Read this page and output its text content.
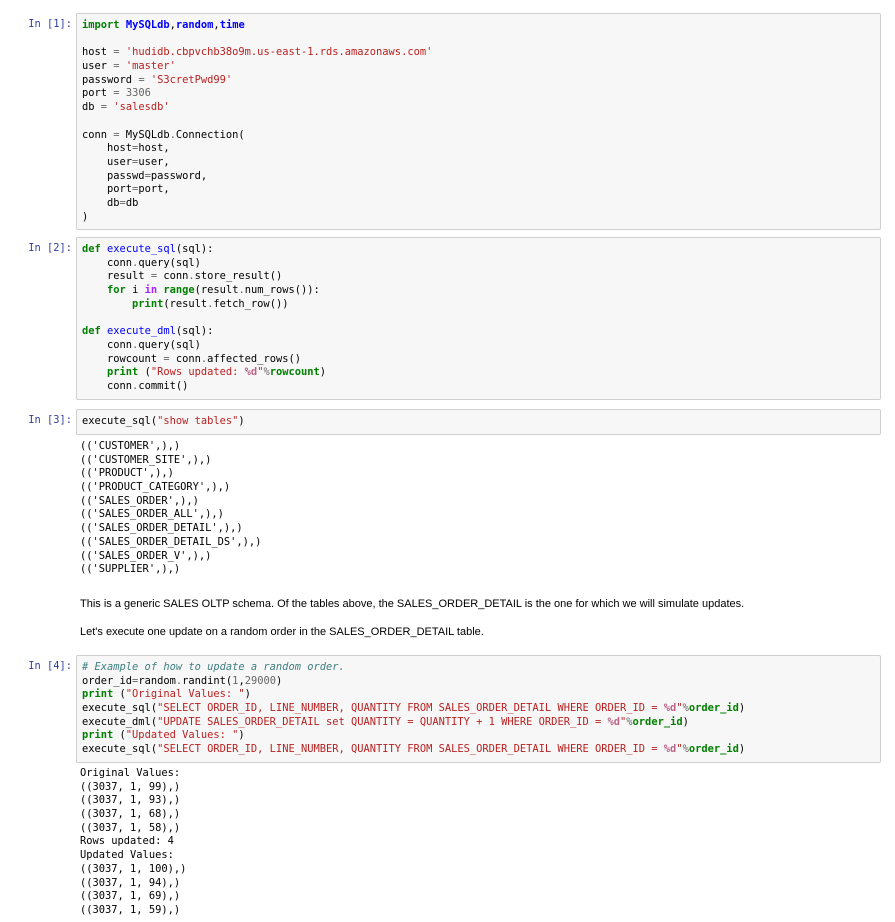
In [1]: import MySQLdb,random,time

host = 'hudidb.cbpvchb38o9m.us-east-1.rds.amazonaws.com'
user = 'master'
password = 'S3cretPwd99'
port = 3306
db = 'salesdb'

conn = MySQLdb.Connection(
host=host,
user=user,
passwd=password,
port=port,
db=db
)
In [2]: def execute_sql(sql):
conn.query(sql)
result = conn.store_result()
for i in range(result.num_rows()):
print(result.fetch_row())

def execute_dml(sql):
conn.query(sql)
rowcount = conn.affected_rows()
print ("Rows updated: %d"%rowcount)
conn.commit()
In [3]: execute_sql("show tables")
(('CUSTOMER',),)
(('CUSTOMER_SITE',),)
(('PRODUCT',),)
(('PRODUCT_CATEGORY',),)
(('SALES_ORDER',),)
(('SALES_ORDER_ALL',),)
(('SALES_ORDER_DETAIL',),)
(('SALES_ORDER_DETAIL_DS',),)
(('SALES_ORDER_V',),)
(('SUPPLIER',),)
This is a generic SALES OLTP schema. Of the tables above, the SALES_ORDER_DETAIL is the one for which we will simulate updates.
Let's execute one update on a random order in the SALES_ORDER_DETAIL table.
In [4]: # Example of how to update a random order.
order_id=random.randint(1,29000)
print ("Original Values: ")
execute_sql("SELECT ORDER_ID, LINE_NUMBER, QUANTITY FROM SALES_ORDER_DETAIL WHERE ORDER_ID = %d"%order_id)
execute_dml("UPDATE SALES_ORDER_DETAIL set QUANTITY = QUANTITY + 1 WHERE ORDER_ID = %d"%order_id)
print ("Updated Values: ")
execute_sql("SELECT ORDER_ID, LINE_NUMBER, QUANTITY FROM SALES_ORDER_DETAIL WHERE ORDER_ID = %d"%order_id)
Original Values:
((3037, 1, 99),)
((3037, 1, 93),)
((3037, 1, 68),)
((3037, 1, 58),)
Rows updated: 4
Updated Values:
((3037, 1, 100),)
((3037, 1, 94),)
((3037, 1, 69),)
((3037, 1, 59),)
